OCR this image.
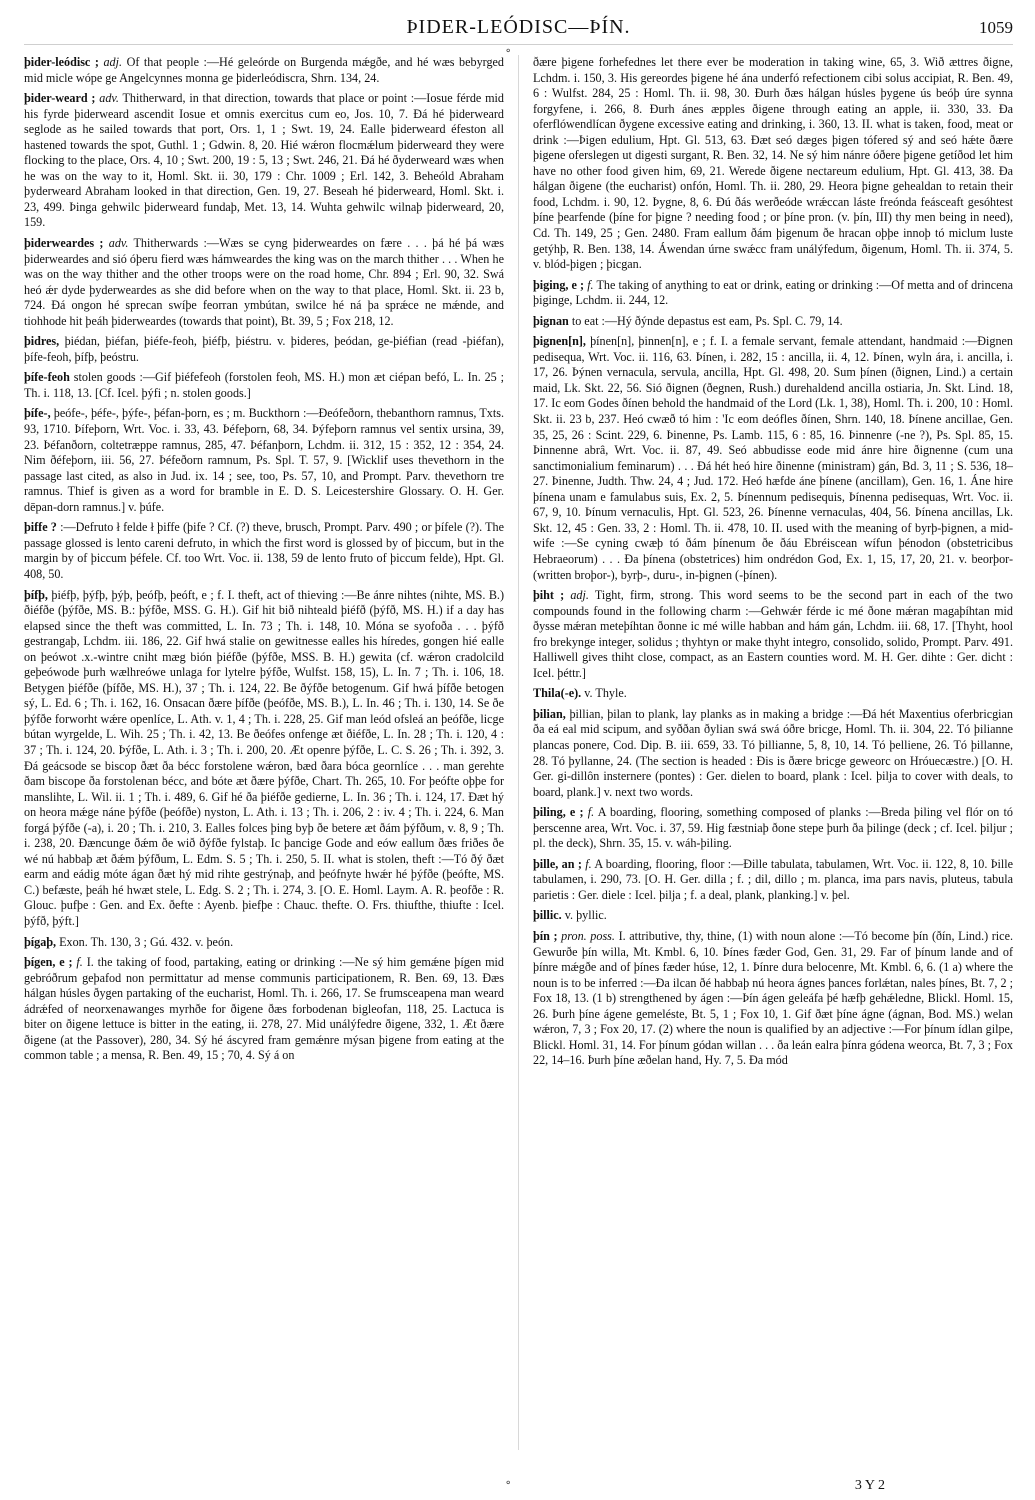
ÞIDER-LEÓDISC—ÞÍN.	1059
⚬

þider-leódisc ; adj. Of that people :—Hé geleórde on Burgenda mǽgðe, and hé wæs bebyrged mid micle wópe ge Angelcynnes monna ge þiderleódiscra, Shrn. 134, 24.

þider-weard ; adv. Thitherward, in that direction, towards that place or point :—Iosue férde mid his fyrde þiderweard ascendit Iosue et omnis exercitus cum eo, Jos. 10, 7. Ðá hé þiderweard seglode as he sailed towards that port, Ors. 1, 1 ; Swt. 19, 24. Ealle þiderweard éfeston all hastened towards the spot, Guthl. 1 ; Gdwin. 8, 20. Hié wǽron flocmǽlum þiderweard they were flocking to the place, Ors. 4, 10 ; Swt. 200, 19 : 5, 13 ; Swt. 246, 21. Ðá hé ðyderweard wæs when he was on the way to it, Homl. Skt. ii. 30, 179 : Chr. 1009 ; Erl. 142, 3. Beheóld Abraham þyderweard Abraham looked in that direction, Gen. 19, 27. Beseah hé þiderweard, Homl. Skt. i. 23, 499. Þinga gehwilc þiderweard fundaþ, Met. 13, 14. Wuhta gehwilc wilnaþ þiderweard, 20, 159.

þiderweardes ; adv. Thitherwards :—Wæs se cyng þiderweardes on fære . . . þá hé þá wæs þiderweardes and sió óþeru fierd wæs hámweardes the king was on the march thither . . . When he was on the way thither and the other troops were on the road home, Chr. 894 ; Erl. 90, 32. Swá heó ǽr dyde þyderweardes as she did before when on the way to that place, Homl. Skt. ii. 23 b, 724. Ðá ongon hé sprecan swíþe feorran ymbútan, swilce hé ná þa sprǽce ne mǽnde, and tiohhode hit þeáh þiderweardes (towards that point), Bt. 39, 5 ; Fox 218, 12.

þidres, þiédan, þiéfan, þiéfe-feoh, þiéfþ, þiéstru. v. þideres, þeódan, ge-þiéfian (read -þiéfan), þífe-feoh, þífþ, þeóstru.

þífe-feoh stolen goods :—Gif þiéfefeoh (forstolen feoh, MS. H.) mon æt ciépan befó, L. In. 25 ; Th. i. 118, 13. [Cf. Icel. þýfi ; n. stolen goods.]

þífe-, þeófe-, þéfe-, þýfe-, þéfan-þorn, es ; m. Buckthorn :—Ðeófeðorn, thebanthorn ramnus, Txts. 93, 1710. Þífeþorn, Wrt. Voc. i. 33, 43. Þéfeþorn, 68, 34. Þýfeþorn ramnus vel sentix ursina, 39, 23. Þéfanðorn, coltetræppe ramnus, 285, 47. Þéfanþorn, Lchdm. ii. 312, 15 : 352, 12 : 354, 24. Nim ðéfeþorn, iii. 56, 27. Þéfeðorn ramnum, Ps. Spl. T. 57, 9. [Wicklif uses thevethorn in the passage last cited, as also in Jud. ix. 14 ; see, too, Ps. 57, 10, and Prompt. Parv. thevethorn tre ramnus. Thief is given as a word for bramble in E. D. S. Leicestershire Glossary. O. H. Ger. dēpan-dorn ramnus.] v. þúfe.

þiffe ? :—Defruto ł felde ł þiffe (þife ? Cf. (?) theve, brusch, Prompt. Parv. 490 ; or þífele (?). The passage glossed is lento careni defruto, in which the first word is glossed by of þiccum, but in the margin by of þiccum þéfele. Cf. too Wrt. Voc. ii. 138, 59 de lento fruto of þiccum felde), Hpt. Gl. 408, 50.

þífþ, þiéfþ, þýfþ, þýþ, þeófþ, þeóft, e ; f. I. theft, act of thieving :—Be ánre nihtes (nihte, MS. B.) ðiéfðe (þýfðe, MS. B.: þýfðe, MSS. G. H.). Gif hit bið nihteald þiéfð (þýfð, MS. H.) if a day has elapsed since the theft was committed, L. In. 73 ; Th. i. 148, 10. Móna se syofoða . . . þýfð gestrangaþ, Lchdm. iii. 186, 22. Gif hwá stalie on gewitnesse ealles his híredes, gongen hié ealle on þeówot .x.-wintre cniht mæg bión þiéfðe (þýfðe, MSS. B. H.) gewita (cf. wǽron cradolcild geþeówode þurh wælhreówe unlaga for lytelre þýfðe, Wulfst. 158, 15), L. In. 7 ; Th. i. 106, 18. Betygen þiéfðe (þífðe, MS. H.), 37 ; Th. i. 124, 22. Be ðýfðe betogenum. Gif hwá þífðe betogen sý, L. Ed. 6 ; Th. i. 162, 16. Onsacan ðære þífðe (þeófðe, MS. B.), L. In. 46 ; Th. i. 130, 14. Se ðe þýfðe forworht wǽre openlíce, L. Ath. v. 1, 4 ; Th. i. 228, 25. Gif man leód ofsleá an þeófðe, licge bútan wyrgelde, L. Wih. 25 ; Th. i. 42, 13. Be ðeófes onfenge æt ðiéfðe, L. In. 28 ; Th. i. 120, 4 : 37 ; Th. i. 124, 20. Þýfðe, L. Ath. i. 3 ; Th. i. 200, 20. Æt openre þýfðe, L. C. S. 26 ; Th. i. 392, 3. Ðá geácsode se biscop ðæt ða bécc forstolene wǽron, bæd ðara bóca geornlíce . . . man gerehte ðam biscope ða forstolenan bécc, and bóte æt ðære þýfðe, Chart. Th. 265, 10. For þeófte oþþe for manslihte, L. Wil. ii. 1 ; Th. i. 489, 6. Gif hé ða þiéfðe gedierne, L. In. 36 ; Th. i. 124, 17. Ðæt hý on heora mǽge náne þýfðe (þeófðe) nyston, L. Ath. i. 13 ; Th. i. 206, 2 : iv. 4 ; Th. i. 224, 6. Man forgá þýfðe (-a), i. 20 ; Th. i. 210, 3. Ealles folces þing byþ ðe betere æt ðám þýfðum, v. 8, 9 ; Th. i. 238, 20. Ðæncunge ðǽm ðe wið ðýfðe fylstaþ. Ic þancige Gode and eów eallum ðæs friðes ðe wé nú habbaþ æt ðǽm þýfðum, L. Edm. S. 5 ; Th. i. 250, 5. II. what is stolen, theft :—Tó ðý ðæt earm and eádig móte ágan ðæt hý mid rihte gestrýnaþ, and þeófnyte hwǽr hé þýfðe (þeófte, MS. C.) befæste, þeáh hé hwæt stele, L. Edg. S. 2 ; Th. i. 274, 3. [O. E. Homl. Laym. A. R. þeofðe : R. Glouc. þufþe : Gen. and Ex. ðefte : Ayenb. þiefþe : Chauc. thefte. O. Frs. thiufthe, thiufte : Icel. þýfð, þýft.]

þígaþ, Exon. Th. 130, 3 ; Gú. 432. v. þeón.

þígen, e ; f. I. the taking of food, partaking, eating or drinking :—Ne sý him gemǽne þígen mid gebróðrum geþafod non permittatur ad mense communis participationem, R. Ben. 69, 13. Ðæs hálgan húsles ðygen partaking of the eucharist, Homl. Th. i. 266, 17. Se frumsceapena man weard ádrǽfed of neorxenawanges myrhðe for ðigene ðæs forbodenan bigleofan, 118, 25. Lactuca is biter on ðigene lettuce is bitter in the eating, ii. 278, 27. Mid unálýfedre ðigene, 332, 1. Æt ðære ðigene (at the Passover), 280, 34. Sý hé áscyred fram gemǽnre mýsan þigene from eating at the common table ; a mensa, R. Ben. 49, 15 ; 70, 4. Sý á on

ðære þigene forhefednes let there ever be moderation in taking wine, 65, 3. Wið ættres ðigne, Lchdm. i. 150, 3. His gereordes þigene hé ána underfó refectionem cibi solus accipiat, R. Ben. 49, 6 : Wulfst. 284, 25 : Homl. Th. ii. 98, 30. Ðurh ðæs hálgan húsles þygene ús beóþ úre synna forgyfene, i. 266, 8. Ðurh ánes æpples ðigene through eating an apple, ii. 330, 33. Ða oferflówendlícan ðygene excessive eating and drinking, i. 360, 13. II. what is taken, food, meat or drink :—Þigen edulium, Hpt. Gl. 513, 63. Ðæt seó dæges þigen tófered sý and seó hǽte ðære þigene oferslegen ut digesti surgant, R. Ben. 32, 14. Ne sý him nánre óðere þigene getíðod let him have no other food given him, 69, 21. Werede ðigene nectareum edulium, Hpt. Gl. 413, 38. Ða hálgan ðigene (the eucharist) onfón, Homl. Th. ii. 280, 29. Heora þigne gehealdan to retain their food, Lchdm. i. 90, 12. Þygne, 8, 6. Ðú ðás werðeóde wrǽccan láste freónda feásceaft gesóhtest þíne þearfende (þíne for þigne ? needing food ; or þíne pron. (v. þín, III) thy men being in need), Cd. Th. 149, 25 ; Gen. 2480. Fram eallum ðám þigenum ðe hracan oþþe innoþ tó miclum luste getýhþ, R. Ben. 138, 14. Áwendan úrne swǽcc fram unálýfedum, ðigenum, Homl. Th. ii. 374, 5. v. blód-þigen ; þicgan.

þiging, e ; f. The taking of anything to eat or drink, eating or drinking :—Of metta and of drincena þiginge, Lchdm. ii. 244, 12.

þignan to eat :—Hý ðýnde depastus est eam, Ps. Spl. C. 79, 14.

þignen[n], þínen[n], þinnen[n], e ; f. I. a female servant, female attendant, handmaid :—Ðignen pedisequa, Wrt. Voc. ii. 116, 63. Þínen, i. 282, 15 : ancilla, ii. 4, 12. Þínen, wyln ára, i. ancilla, i. 17, 26. Þýnen vernacula, servula, ancilla, Hpt. Gl. 498, 20. Sum þínen (ðignen, Lind.) a certain maid, Lk. Skt. 22, 56. Sió ðignen (ðegnen, Rush.) durehaldend ancilla ostiaria, Jn. Skt. Lind. 18, 17. Ic eom Godes ðínen behold the handmaid of the Lord (Lk. 1, 38), Homl. Th. i. 200, 10 : Homl. Skt. ii. 23 b, 237. Heó cwæð tó him : 'Ic eom deófles ðínen, Shrn. 140, 18. Þínene ancillae, Gen. 35, 25, 26 : Scint. 229, 6. Þinenne, Ps. Lamb. 115, 6 : 85, 16. Þinnenre (-ne ?), Ps. Spl. 85, 15. Þinnenne abrâ, Wrt. Voc. ii. 87, 49. Seó abbudisse eode mid ánre hire ðignenne (cum una sanctimonialium feminarum) . . . Ðá hét heó hire ðinenne (ministram) gán, Bd. 3, 11 ; S. 536, 18–27. Þinenne, Judth. Thw. 24, 4 ; Jud. 172. Heó hæfde áne þínene (ancillam), Gen. 16, 1. Áne hire þínena unam e famulabus suis, Ex. 2, 5. Þínennum pedisequis, Þínenna pedisequas, Wrt. Voc. ii. 67, 9, 10. Þínum vernaculis, Hpt. Gl. 523, 26. Þínenne vernaculas, 404, 56. Þínena ancillas, Lk. Skt. 12, 45 : Gen. 33, 2 : Homl. Th. ii. 478, 10. II. used with the meaning of byrþ-þignen, a mid-wife :—Se cyning cwæþ tó ðám þínenum ðe ðáu Ebréiscean wífun þénodon (obstetricibus Hebraeorum) . . . Ða þínena (obstetrices) him ondrédon God, Ex. 1, 15, 17, 20, 21. v. beorþor- (written broþor-), byrþ-, duru-, in-þignen (-þínen).

þiht ; adj. Tight, firm, strong. This word seems to be the second part in each of the two compounds found in the following charm :—Gehwǽr férde ic mé ðone mǽran magaþíhtan mid ðysse mǽran meteþíhtan ðonne ic mé wille habban and hám gán, Lchdm. iii. 68, 17. [Thyht, hool fro brekynge integer, solidus ; thyhtyn or make thyht integro, consolido, solido, Prompt. Parv. 491. Halliwell gives thiht close, compact, as an Eastern counties word. M. H. Ger. dihte : Ger. dicht : Icel. þéttr.]

Thila(-e). v. Thyle.

þilian, þillian, þilan to plank, lay planks as in making a bridge :—Ðá hét Maxentius oferbricgian ða eá eal mid scipum, and syððan ðylian swá swá óðre bricge, Homl. Th. ii. 304, 22. Tó þilianne plancas ponere, Cod. Dip. B. iii. 659, 33. Tó þillianne, 5, 8, 10, 14. Tó þelliene, 26. Tó þillanne, 28. Tó þyllanne, 24. (The section is headed : Ðis is ðære bricge geweorc on Hróuecæstre.) [O. H. Ger. gi-dillôn insternere (pontes) : Ger. dielen to board, plank : Icel. þilja to cover with deals, to board, plank.] v. next two words.

þiling, e ; f. A boarding, flooring, something composed of planks :—Breda þiling vel flór on tó þerscenne area, Wrt. Voc. i. 37, 59. Hig fæstniaþ ðone stepe þurh ða þilinge (deck ; cf. Icel. þiljur ; pl. the deck), Shrn. 35, 15. v. wáh-þiling.

þille, an ; f. A boarding, flooring, floor :—Ðille tabulata, tabulamen, Wrt. Voc. ii. 122, 8, 10. Þille tabulamen, i. 290, 73. [O. H. Ger. dilla ; f. ; dil, dillo ; m. planca, ima pars navis, pluteus, tabula parietis : Ger. diele : Icel. þilja ; f. a deal, plank, planking.] v. þel.

þillic. v. þyllic.

þín ; pron. poss. I. attributive, thy, thine, (1) with noun alone :—Tó become þín (ðín, Lind.) rice. Gewurðe þín willa, Mt. Kmbl. 6, 10. Þínes fæder God, Gen. 31, 29. Far of þínum lande and of þínre mǽgðe and of þínes fæder húse, 12, 1. Þínre dura belocenre, Mt. Kmbl. 6, 6. (1 a) where the noun is to be inferred :—Ða ilcan ðé habbaþ nú heora ágnes þances forlǽtan, nales þínes, Bt. 7, 2 ; Fox 18, 13. (1 b) strengthened by ágen :—Þín ágen geleáfa þé hæfþ gehǽledne, Blickl. Homl. 15, 26. Þurh þíne ágene gemeléste, Bt. 5, 1 ; Fox 10, 1. Gif ðæt þíne ágne (ágnan, Bod. MS.) welan wǽron, 7, 3 ; Fox 20, 17. (2) where the noun is qualified by an adjective :—For þínum ídlan gilpe, Blickl. Homl. 31, 14. For þínum gódan willan . . . ða leán ealra þínra gódena weorca, Bt. 7, 3 ; Fox 22, 14–16. Þurh þíne æðelan hand, Hy. 7, 5. Ða mód

⚬	3 Y 2
